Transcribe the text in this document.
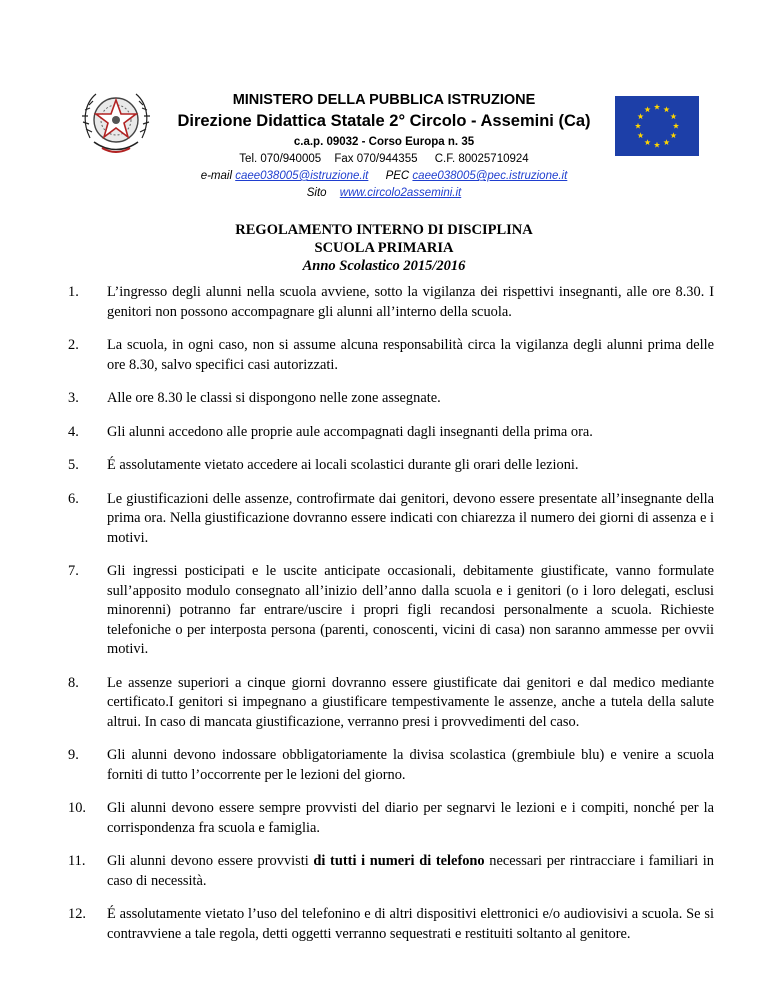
MINISTERO DELLA PUBBLICA ISTRUZIONE

Direzione Didattica Statale 2° Circolo - Assemini (Ca)

c.a.p. 09032 - Corso Europa n. 35

Tel. 070/940005 Fax 070/944355 C.F. 80025710924

e-mail caee038005@istruzione.it PEC caee038005@pec.istruzione.it

Sito www.circolo2assemini.it

REGOLAMENTO INTERNO DI DISCIPLINA
SCUOLA PRIMARIA
Anno Scolastico 2015/2016
1.	L’ingresso degli alunni nella scuola avviene, sotto la vigilanza dei rispettivi insegnanti, alle ore 8.30. I genitori non possono accompagnare gli alunni all’interno della scuola.
2.	La scuola, in ogni caso, non si assume alcuna responsabilità circa la vigilanza degli alunni prima delle ore 8.30, salvo specifici casi autorizzati.
3.	Alle ore 8.30 le classi si dispongono nelle zone assegnate.
4.	Gli alunni accedono alle proprie aule accompagnati dagli insegnanti della prima ora.
5.	É assolutamente vietato accedere ai locali scolastici durante gli orari delle lezioni.
6.	Le giustificazioni delle assenze, controfirmate dai genitori, devono essere presentate all’insegnante della prima ora. Nella giustificazione dovranno essere indicati con chiarezza il numero dei giorni di assenza e i motivi.
7.	Gli ingressi posticipati e le uscite anticipate occasionali, debitamente giustificate, vanno formulate sull’apposito modulo consegnato all’inizio dell’anno dalla scuola e i genitori (o i loro delegati, esclusi minorenni) potranno far entrare/uscire i propri figli recandosi personalmente a scuola. Richieste telefoniche o per interposta persona (parenti, conoscenti, vicini di casa) non saranno ammesse per ovvii motivi.
8.	Le assenze superiori a cinque giorni dovranno essere giustificate dai genitori e dal medico mediante certificato.I genitori si impegnano a giustificare tempestivamente le assenze, anche a tutela della salute altrui. In caso di mancata giustificazione, verranno presi i provvedimenti del caso.
9.	Gli alunni devono indossare obbligatoriamente la divisa scolastica (grembiule blu) e venire a scuola forniti di tutto l’occorrente per le lezioni del giorno.
10.	Gli alunni devono essere sempre provvisti del diario per segnarvi le lezioni e i compiti, nonché per la corrispondenza fra scuola e famiglia.
11.	Gli alunni devono essere provvisti di tutti i numeri di telefono necessari per rintracciare i familiari in caso di necessità.
12.	É assolutamente vietato l’uso del telefonino e di altri dispositivi elettronici e/o audiovisivi a scuola. Se si contravviene a tale regola, detti oggetti verranno sequestrati e restituiti soltanto al genitore.
